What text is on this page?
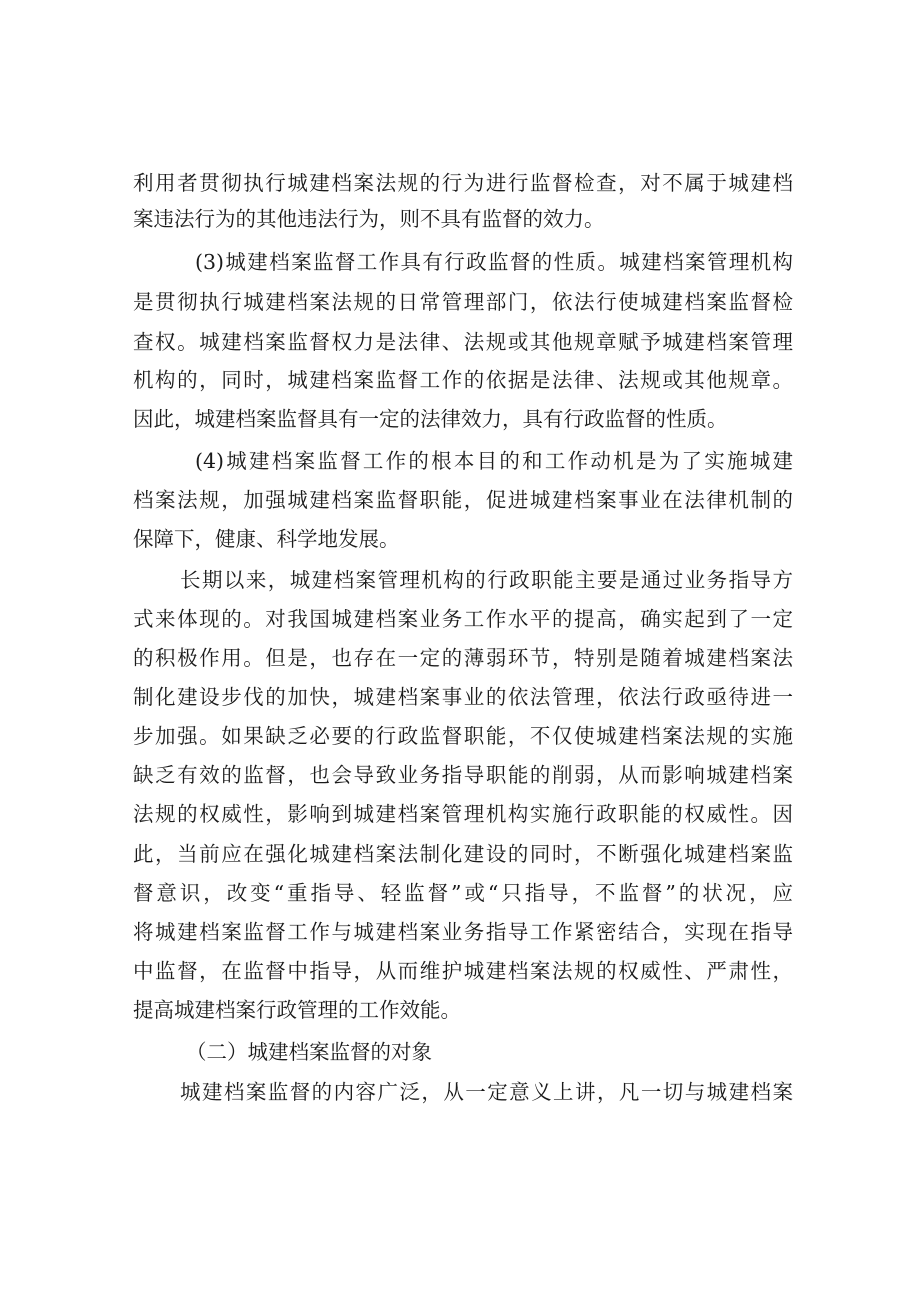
利用者贯彻执行城建档案法规的行为进行监督检查，对不属于城建档
案违法行为的其他违法行为，则不具有监督的效力。
(3)城建档案监督工作具有行政监督的性质。城建档案管理机构
是贯彻执行城建档案法规的日常管理部门，依法行使城建档案监督检
查权。城建档案监督权力是法律、法规或其他规章赋予城建档案管理
机构的，同时，城建档案监督工作的依据是法律、法规或其他规章。
因此，城建档案监督具有一定的法律效力，具有行政监督的性质。
(4)城建档案监督工作的根本目的和工作动机是为了实施城建
档案法规，加强城建档案监督职能，促进城建档案事业在法律机制的
保障下，健康、科学地发展。
长期以来，城建档案管理机构的行政职能主要是通过业务指导方
式来体现的。对我国城建档案业务工作水平的提高，确实起到了一定
的积极作用。但是，也存在一定的薄弱环节，特别是随着城建档案法
制化建设步伐的加快，城建档案事业的依法管理，依法行政亟待进一
步加强。如果缺乏必要的行政监督职能，不仅使城建档案法规的实施
缺乏有效的监督，也会导致业务指导职能的削弱，从而影响城建档案
法规的权威性，影响到城建档案管理机构实施行政职能的权威性。因
此，当前应在强化城建档案法制化建设的同时，不断强化城建档案监
督意识，改变“重指导、轻监督”或“只指导，不监督”的状况，应
将城建档案监督工作与城建档案业务指导工作紧密结合，实现在指导
中监督，在监督中指导，从而维护城建档案法规的权威性、严肃性，
提高城建档案行政管理的工作效能。
（二）城建档案监督的对象
城建档案监督的内容广泛，从一定意义上讲，凡一切与城建档案
